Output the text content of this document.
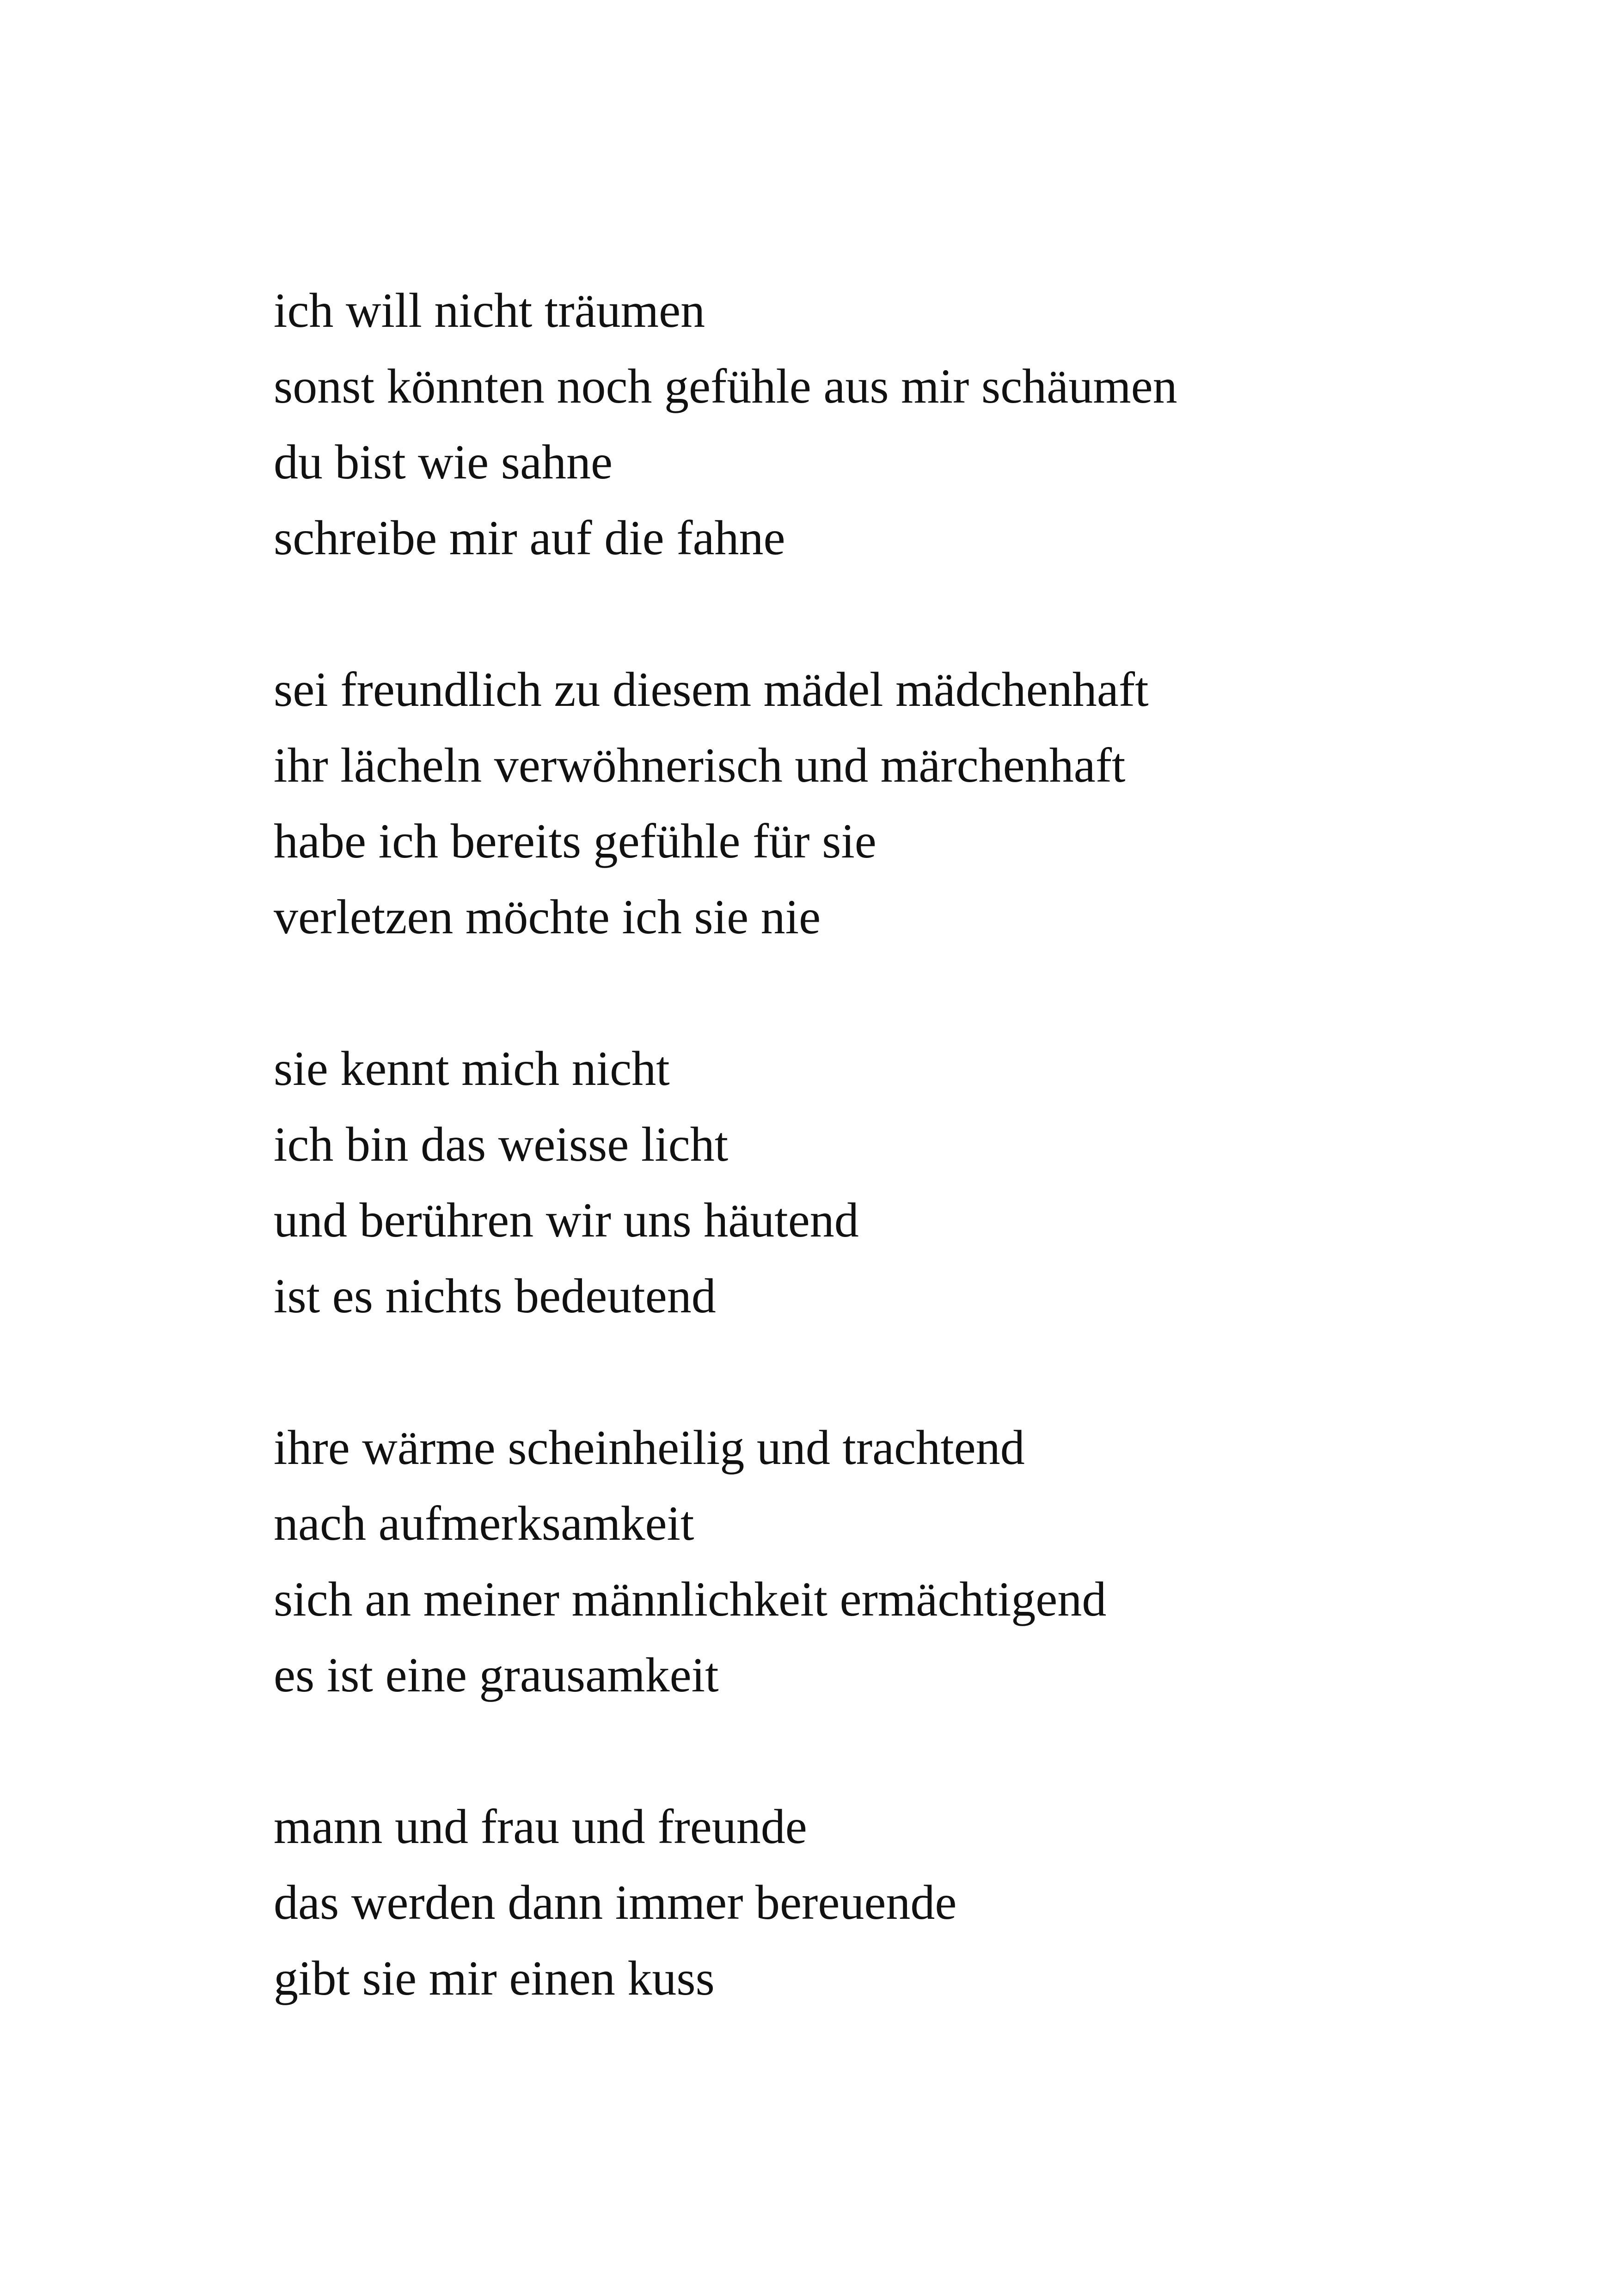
ich will nicht träumen
sonst könnten noch gefühle aus mir schäumen
du bist wie sahne
schreibe mir auf die fahne
sei freundlich zu diesem mädel mädchenhaft
ihr lächeln verwöhnerisch und märchenhaft
habe ich bereits gefühle für sie
verletzen möchte ich sie nie
sie kennt mich nicht
ich bin das weisse licht
und berühren wir uns häutend
ist es nichts bedeutend
ihre wärme scheinheilig und trachtend
nach aufmerksamkeit
sich an meiner männlichkeit ermächtigend
es ist eine grausamkeit
mann und frau und freunde
das werden dann immer bereuende
gibt sie mir einen kuss
